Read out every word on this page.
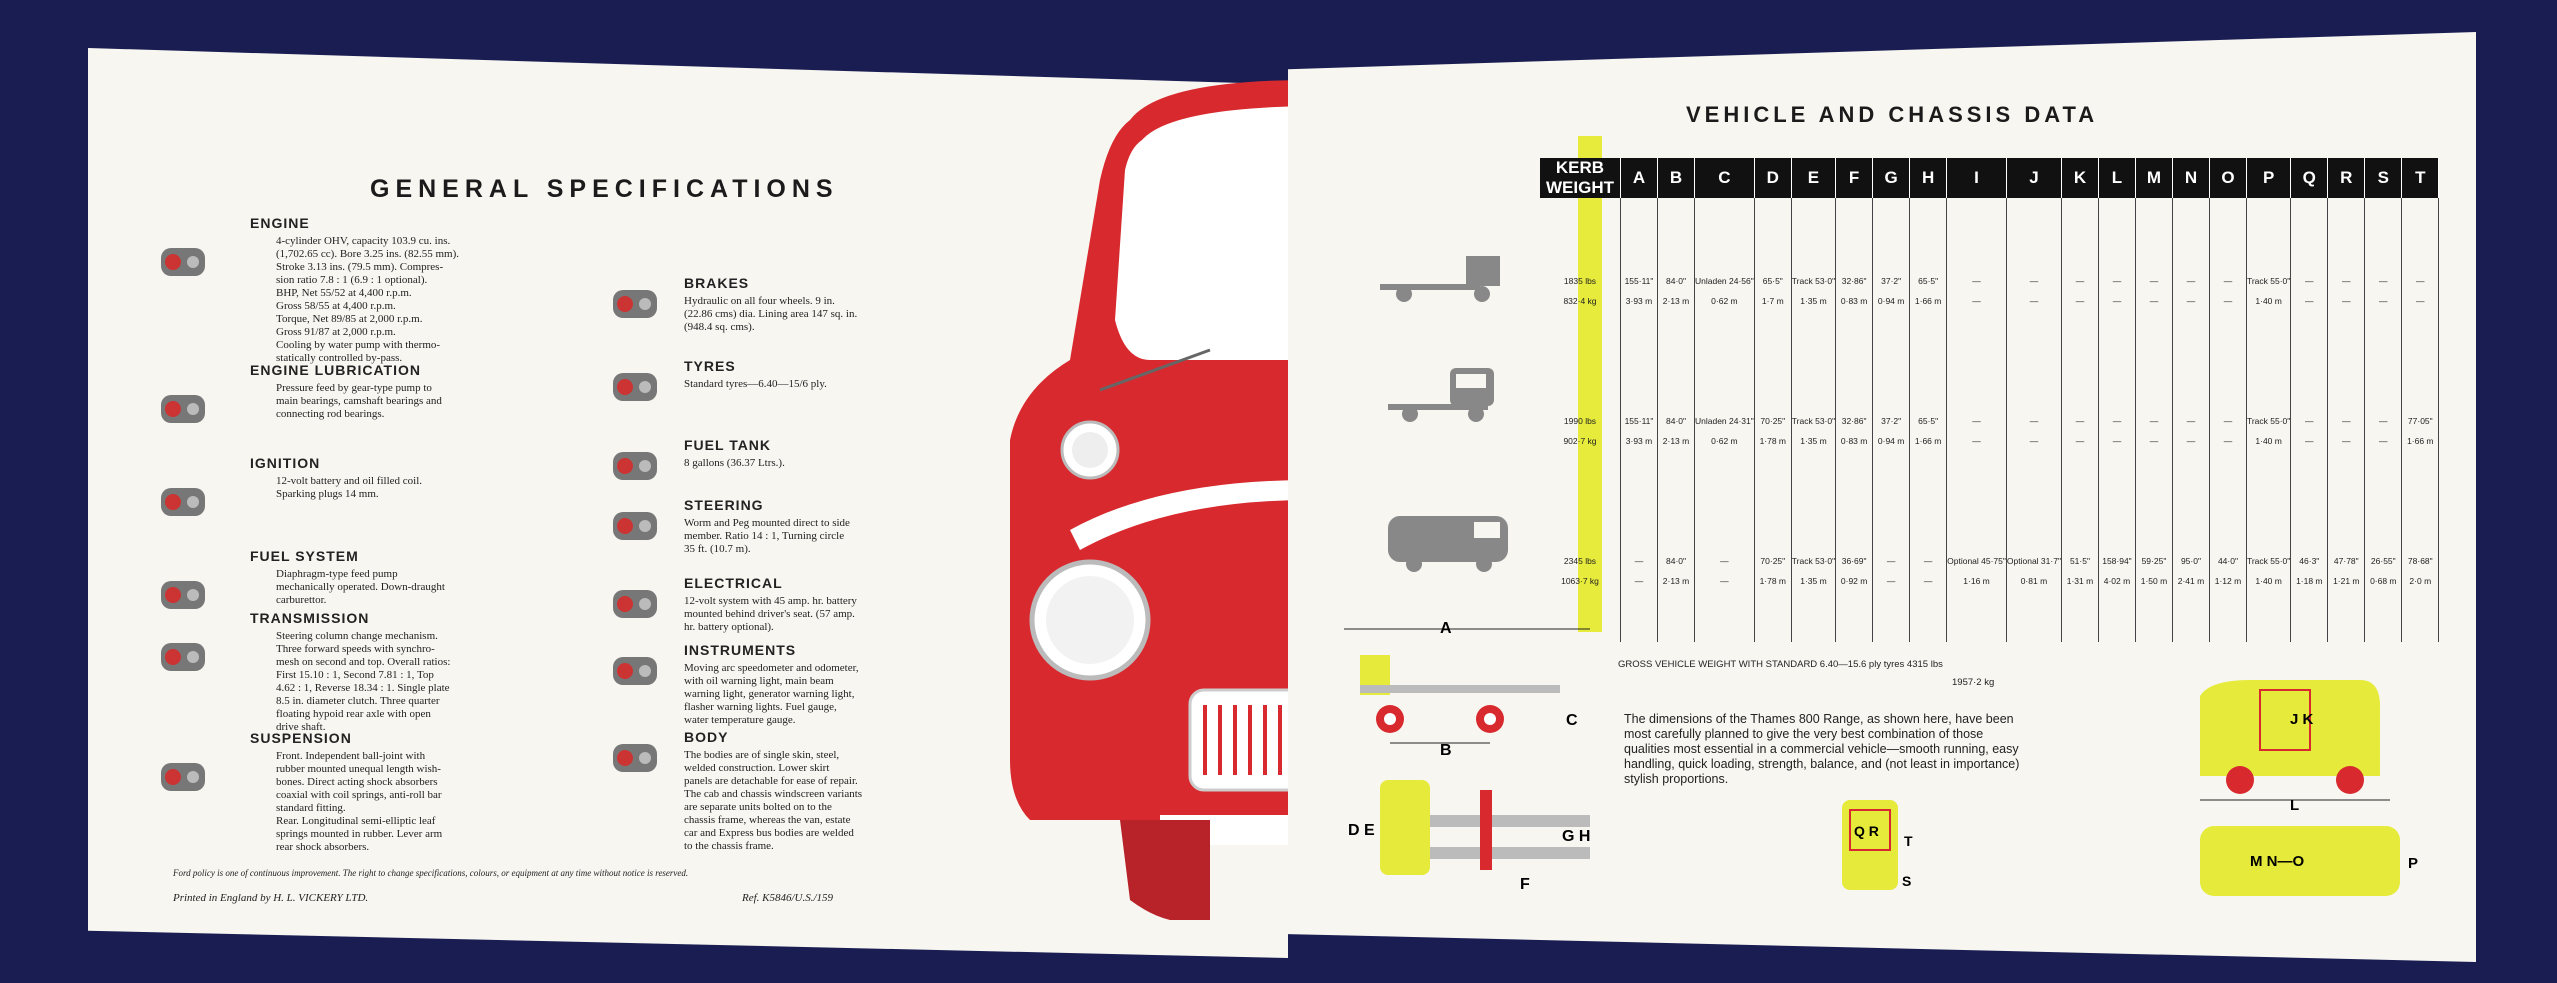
GENERAL SPECIFICATIONS
ENGINE

4-cylinder OHV, capacity 103.9 cu. ins.
(1,702.65 cc). Bore 3.25 ins. (82.55 mm).
Stroke 3.13 ins. (79.5 mm). Compres-
sion ratio 7.8 : 1 (6.9 : 1 optional).
BHP, Net 55/52 at 4,400 r.p.m.
Gross 58/55 at 4,400 r.p.m.
Torque, Net 89/85 at 2,000 r.p.m.
Gross 91/87 at 2,000 r.p.m.
Cooling by water pump with thermo-
statically controlled by-pass.

ENGINE LUBRICATION

Pressure feed by gear-type pump to
main bearings, camshaft bearings and
connecting rod bearings.

IGNITION

12-volt battery and oil filled coil.
Sparking plugs 14 mm.

FUEL SYSTEM

Diaphragm-type feed pump
mechanically operated. Down-draught
carburettor.

TRANSMISSION

Steering column change mechanism.
Three forward speeds with synchro-
mesh on second and top. Overall ratios:
First 15.10 : 1, Second 7.81 : 1, Top
4.62 : 1, Reverse 18.34 : 1. Single plate
8.5 in. diameter clutch. Three quarter
floating hypoid rear axle with open
drive shaft.

SUSPENSION

Front. Independent ball-joint with
rubber mounted unequal length wish-
bones. Direct acting shock absorbers
coaxial with coil springs, anti-roll bar
standard fitting.
Rear. Longitudinal semi-elliptic leaf
springs mounted in rubber. Lever arm
rear shock absorbers.

BRAKES

Hydraulic on all four wheels. 9 in.
(22.86 cms) dia. Lining area 147 sq. in.
(948.4 sq. cms).

TYRES

Standard tyres—6.40—15/6 ply.

FUEL TANK

8 gallons (36.37 Ltrs.).

STEERING

Worm and Peg mounted direct to side
member. Ratio 14 : 1, Turning circle
35 ft. (10.7 m).

ELECTRICAL

12-volt system with 45 amp. hr. battery
mounted behind driver's seat. (57 amp.
hr. battery optional).

INSTRUMENTS

Moving arc speedometer and odometer,
with oil warning light, main beam
warning light, generator warning light,
flasher warning lights. Fuel gauge,
water temperature gauge.

BODY

The bodies are of single skin, steel,
welded construction. Lower skirt
panels are detachable for ease of repair.
The cab and chassis windscreen variants
are separate units bolted on to the
chassis frame, whereas the van, estate
car and Express bus bodies are welded
to the chassis frame.

Ford policy is one of continuous improvement. The right to change specifications, colours, or equipment at any time without notice is reserved.
Printed in England by H. L. VICKERY LTD.	Ref. K5846/U.S./159
VEHICLE AND CHASSIS DATA
KERB WEIGHT	A	B	C	D	E	F	G	H	I	J	K	L	M	N	O	P	Q	R	S	T

1835 lbs	155·11"	84·0"	Unladen 24·56"	65·5"	Track 53·0"	32·86"	37·2"	65·5"	—	—	—	—	—	—	—	Track 55·0"	—	—	—	—
832·4 kg	3·93 m	2·13 m	0·62 m	1·7 m	1·35 m	0·83 m	0·94 m	1·66 m	—	—	—	—	—	—	—	1·40 m	—	—	—	—

1990 lbs	155·11"	84·0"	Unladen 24·31"	70·25"	Track 53·0"	32·86"	37·2"	65·5"	—	—	—	—	—	—	—	Track 55·0"	—	—	—	77·05"
902·7 kg	3·93 m	2·13 m	0·62 m	1·78 m	1·35 m	0·83 m	0·94 m	1·66 m	—	—	—	—	—	—	—	1·40 m	—	—	—	1·66 m

2345 lbs	—	84·0"	—	70·25"	Track 53·0"	36·69"	—	—	Optional 45·75"	Optional 31·7"	51·5"	158·94"	59·25"	95·0"	44·0"	Track 55·0"	46·3"	47·78"	26·55"	78·68"
1063·7 kg	—	2·13 m	—	1·78 m	1·35 m	0·92 m	—	—	1·16 m	0·81 m	1·31 m	4·02 m	1·50 m	2·41 m	1·12 m	1·40 m	1·18 m	1·21 m	0·68 m	2·0 m

A
B
C
D E	G H
F
Q R
S
T
J K
L
M N—O	P
GROSS VEHICLE WEIGHT WITH STANDARD 6.40—15.6 ply tyres 4315 lbs
1957·2 kg
The dimensions of the Thames 800 Range, as shown here, have been most carefully planned to give the very best combination of those qualities most essential in a commercial vehicle—smooth running, easy handling, quick loading, strength, balance, and (not least in importance) stylish proportions.
